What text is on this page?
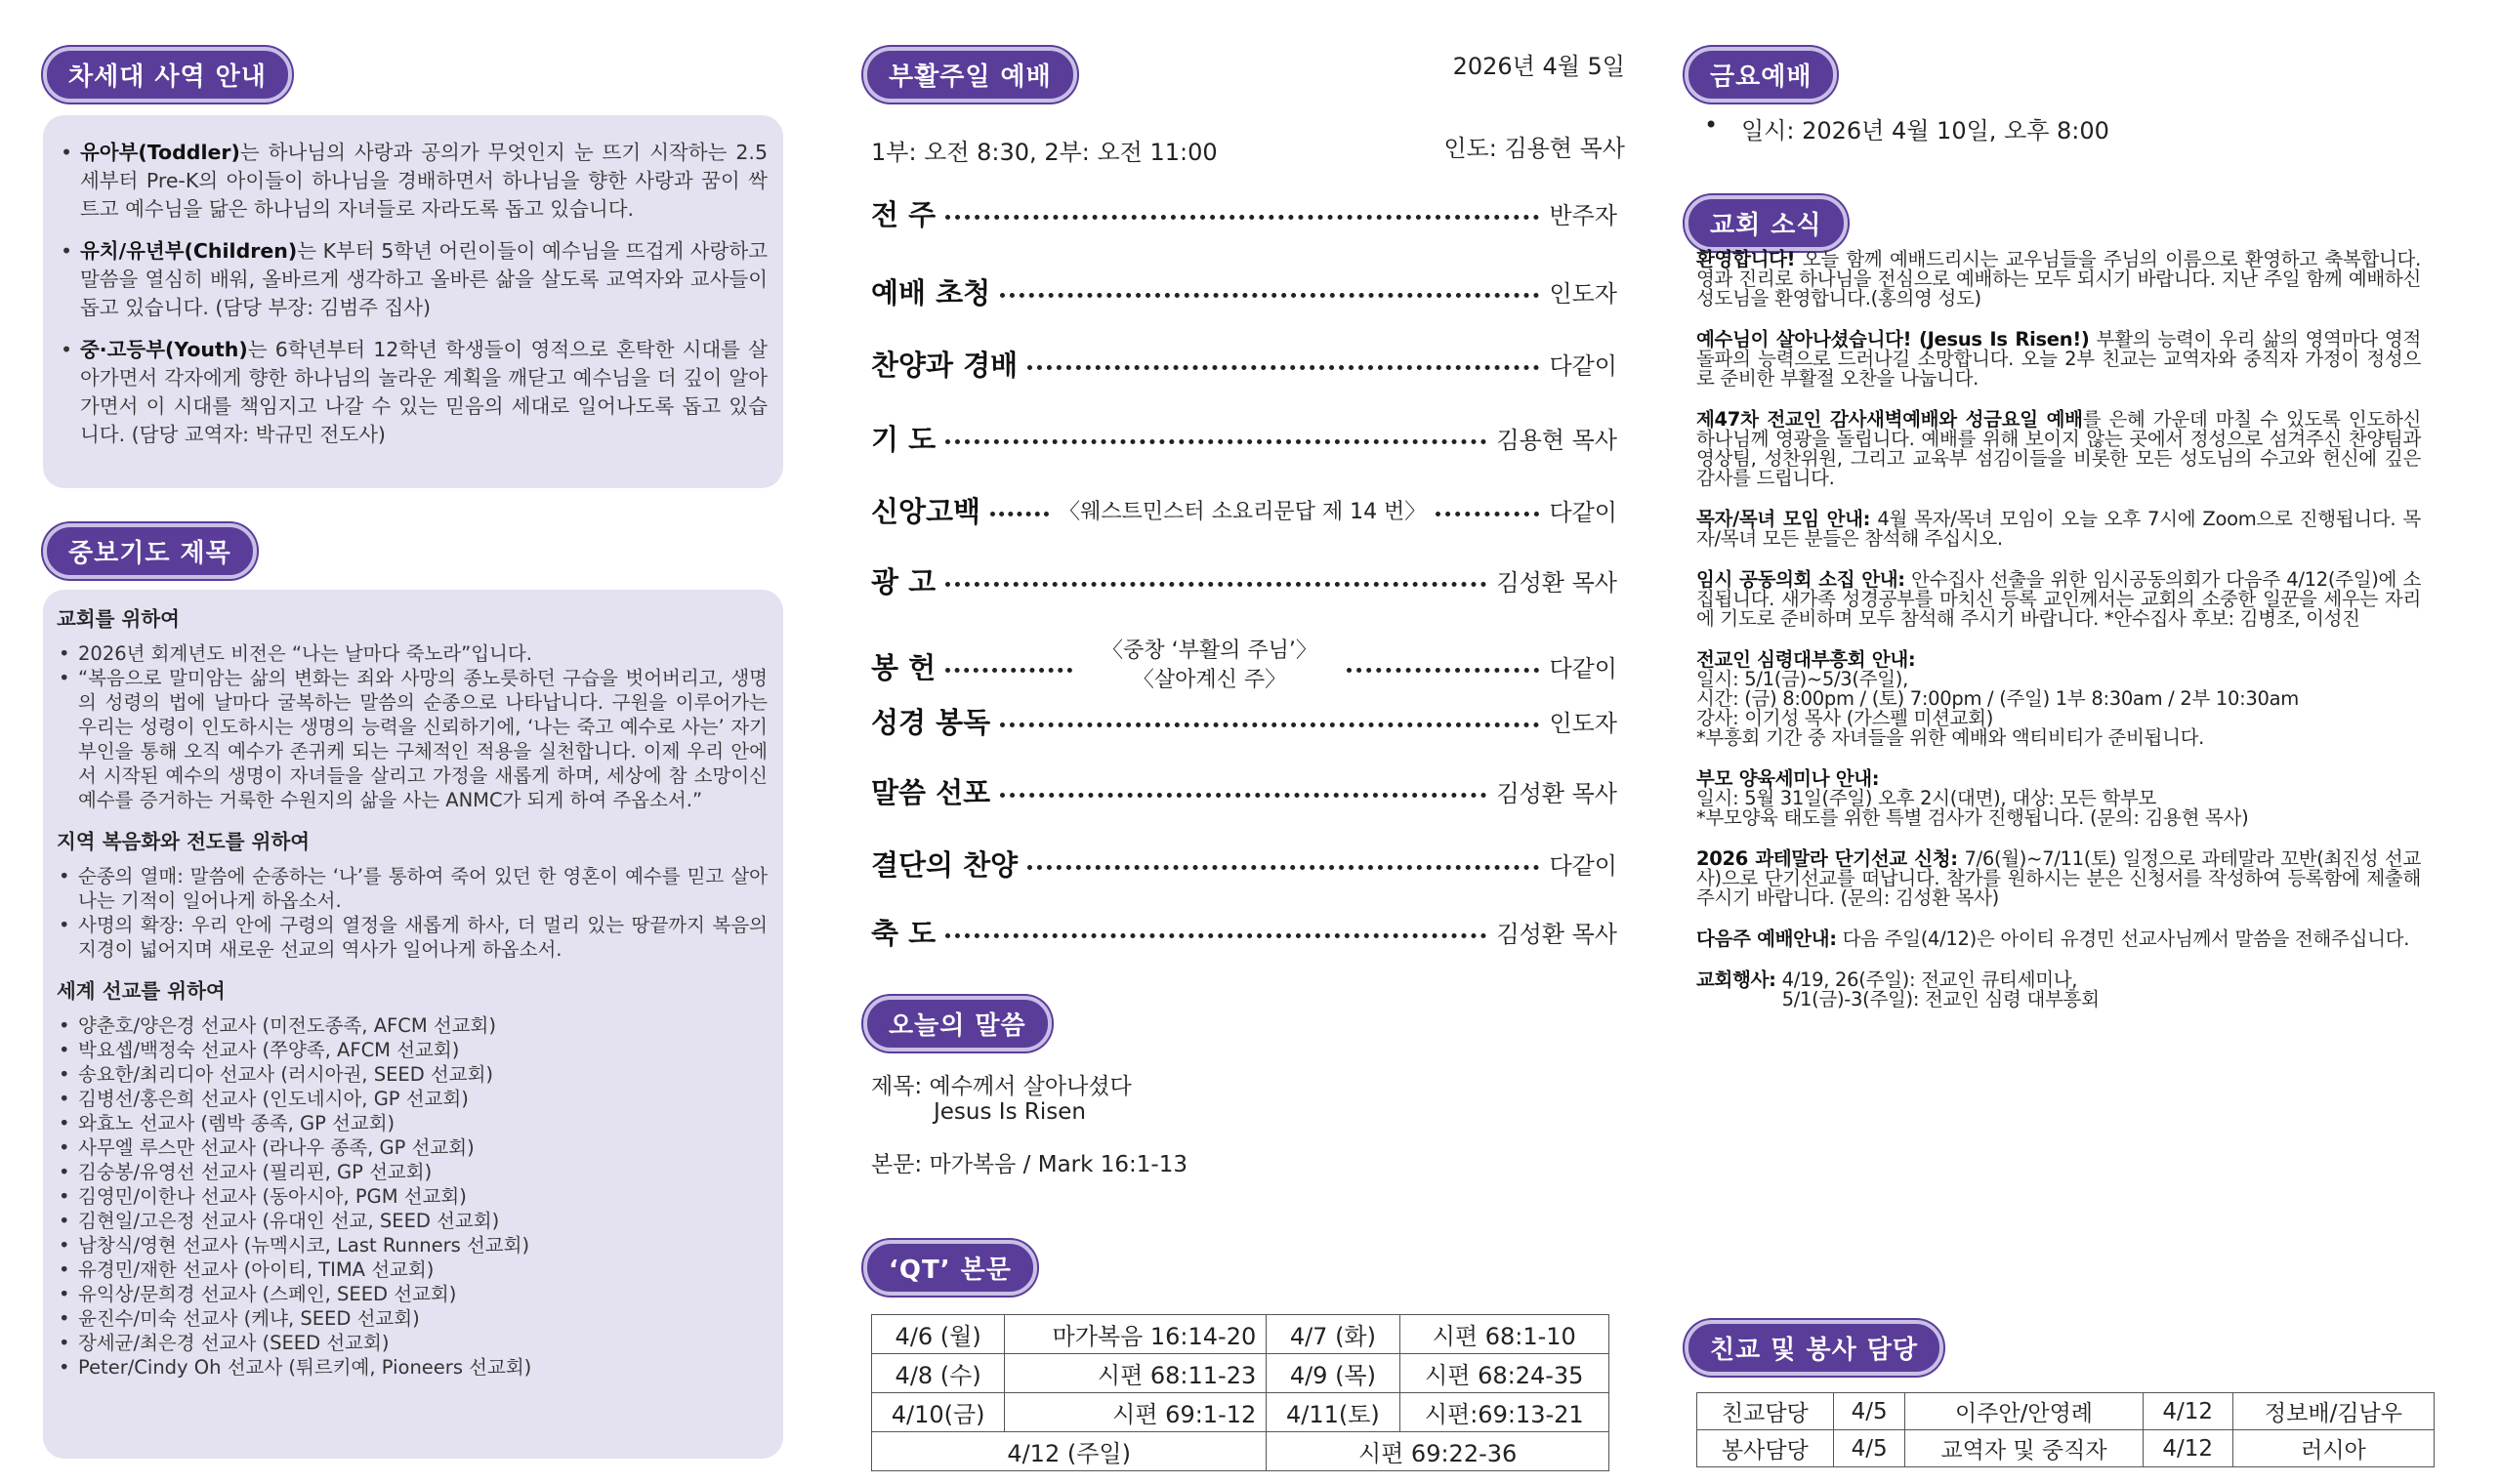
차세대 사역 안내
• 유아부(Toddler)는 하나님의 사랑과 공의가 무엇인지 눈 뜨기 시작하는 2.5세부터 Pre-K의 아이들이 하나님을 경배하면서 하나님을 향한 사랑과 꿈이 싹트고 예수님을 닮은 하나님의 자녀들로 자라도록 돕고 있습니다.
• 유치/유년부(Children)는 K부터 5학년 어린이들이 예수님을 뜨겁게 사랑하고 말씀을 열심히 배워, 올바르게 생각하고 올바른 삶을 살도록 교역자와 교사들이 돕고 있습니다. (담당 부장: 김범주 집사)
• 중·고등부(Youth)는 6학년부터 12학년 학생들이 영적으로 혼탁한 시대를 살아가면서 각자에게 향한 하나님의 놀라운 계획을 깨닫고 예수님을 더 깊이 알아가면서 이 시대를 책임지고 나갈 수 있는 믿음의 세대로 일어나도록 돕고 있습니다. (담당 교역자: 박규민 전도사)
중보기도 제목

교회를 위하여

• 2026년 회계년도 비전은 “나는 날마다 죽노라”입니다.
• “복음으로 말미암는 삶의 변화는 죄와 사망의 종노릇하던 구습을 벗어버리고, 생명의 성령의 법에 날마다 굴복하는 말씀의 순종으로 나타납니다. 구원을 이루어가는 우리는 성령이 인도하시는 생명의 능력을 신뢰하기에, ‘나는 죽고 예수로 사는’ 자기 부인을 통해 오직 예수가 존귀케 되는 구체적인 적용을 실천합니다. 이제 우리 안에서 시작된 예수의 생명이 자녀들을 살리고 가정을 새롭게 하며, 세상에 참 소망이신 예수를 증거하는 거룩한 수원지의 삶을 사는 ANMC가 되게 하여 주옵소서.”

지역 복음화와 전도를 위하여

• 순종의 열매: 말씀에 순종하는 ‘나’를 통하여 죽어 있던 한 영혼이 예수를 믿고 살아나는 기적이 일어나게 하옵소서.
• 사명의 확장: 우리 안에 구령의 열정을 새롭게 하사, 더 멀리 있는 땅끝까지 복음의 지경이 넓어지며 새로운 선교의 역사가 일어나게 하옵소서.

세계 선교를 위하여

• 양춘호/양은경 선교사 (미전도종족, AFCM 선교회)
• 박요셉/백정숙 선교사 (쭈양족, AFCM 선교회)
• 송요한/최리디아 선교사 (러시아권, SEED 선교회)
• 김병선/홍은희 선교사 (인도네시아, GP 선교회)
• 와효노 선교사 (렘박 종족, GP 선교회)
• 사무엘 루스만 선교사 (라나우 종족, GP 선교회)
• 김숭봉/유영선 선교사 (필리핀, GP 선교회)
• 김영민/이한나 선교사 (동아시아, PGM 선교회)
• 김현일/고은정 선교사 (유대인 선교, SEED 선교회)
• 남창식/영현 선교사 (뉴멕시코, Last Runners 선교회)
• 유경민/재한 선교사 (아이티, TIMA 선교회)
• 유익상/문희경 선교사 (스페인, SEED 선교회)
• 윤진수/미숙 선교사 (케냐, SEED 선교회)
• 장세균/최은경 선교사 (SEED 선교회)
• Peter/Cindy Oh 선교사 (튀르키예, Pioneers 선교회)
부활주일 예배	2026년 4월 5일
1부: 오전 8:30, 2부: 오전 11:00	인도: 김용현 목사
전 주	반주자
예배 초청	인도자
찬양과 경배	다같이
기 도	김용현 목사
신앙고백	〈웨스트민스터 소요리문답 제 14 번〉	다같이
광 고	김성환 목사
봉 헌	〈중창 ‘부활의 주님’〉
〈살아계신 주〉	다같이
성경 봉독	인도자
말씀 선포	김성환 목사
결단의 찬양	다같이
축 도	김성환 목사
오늘의 말씀
제목: 예수께서 살아나셨다
Jesus Is Risen
본문: 마가복음 / Mark 16:1-13
‘QT’ 본문
4/6 (월)	마가복음 16:14-20	4/7 (화)	시편 68:1-10
4/8 (수)	시편 68:11-23	4/9 (목)	시편 68:24-35
4/10(금)	시편 69:1-12	4/11(토)	시편:69:13-21
4/12 (주일)		시편 69:22-36	
금요예배
• 일시: 2026년 4월 10일, 오후 8:00
교회 소식
환영합니다! 오늘 함께 예배드리시는 교우님들을 주님의 이름으로 환영하고 축복합니다. 영과 진리로 하나님을 전심으로 예배하는 모두 되시기 바랍니다. 지난 주일 함께 예배하신 성도님을 환영합니다.(홍의영 성도)
예수님이 살아나셨습니다! (Jesus Is Risen!) 부활의 능력이 우리 삶의 영역마다 영적돌파의 능력으로 드러나길 소망합니다. 오늘 2부 친교는 교역자와 중직자 가정이 정성으로 준비한 부활절 오찬을 나눕니다.
제47차 전교인 감사새벽예배와 성금요일 예배를 은혜 가운데 마칠 수 있도록 인도하신 하나님께 영광을 돌립니다. 예배를 위해 보이지 않는 곳에서 정성으로 섬겨주신 찬양팀과 영상팀, 성찬위원, 그리고 교육부 섬김이들을 비롯한 모든 성도님의 수고와 헌신에 깊은 감사를 드립니다.
목자/목녀 모임 안내: 4월 목자/목녀 모임이 오늘 오후 7시에 Zoom으로 진행됩니다. 목자/목녀 모든 분들은 참석해 주십시오.
임시 공동의회 소집 안내: 안수집사 선출을 위한 임시공동의회가 다음주 4/12(주일)에 소집됩니다. 새가족 성경공부를 마치신 등록 교인께서는 교회의 소중한 일꾼을 세우는 자리에 기도로 준비하며 모두 참석해 주시기 바랍니다. *안수집사 후보: 김병조, 이성진
전교인 심령대부흥회 안내:
일시: 5/1(금)~5/3(주일),
시간: (금) 8:00pm / (토) 7:00pm / (주일) 1부 8:30am / 2부 10:30am
강사: 이기성 목사 (가스펠 미션교회)
*부흥회 기간 중 자녀들을 위한 예배와 액티비티가 준비됩니다.
부모 양육세미나 안내:
일시: 5월 31일(주일) 오후 2시(대면), 대상: 모든 학부모
*부모양육 태도를 위한 특별 검사가 진행됩니다. (문의: 김용현 목사)
2026 과테말라 단기선교 신청: 7/6(월)~7/11(토) 일정으로 과테말라 꼬반(최진성 선교사)으로 단기선교를 떠납니다. 참가를 원하시는 분은 신청서를 작성하여 등록함에 제출해 주시기 바랍니다. (문의: 김성환 목사)
다음주 예배안내: 다음 주일(4/12)은 아이티 유경민 선교사님께서 말씀을 전해주십니다.
교회행사: 4/19, 26(주일): 전교인 큐티세미나,
5/1(금)-3(주일): 전교인 심령 대부흥회
친교 및 봉사 담당
친교담당	4/5	이주안/안영례	4/12	정보배/김남우
봉사담당	4/5	교역자 및 중직자	4/12	러시아
